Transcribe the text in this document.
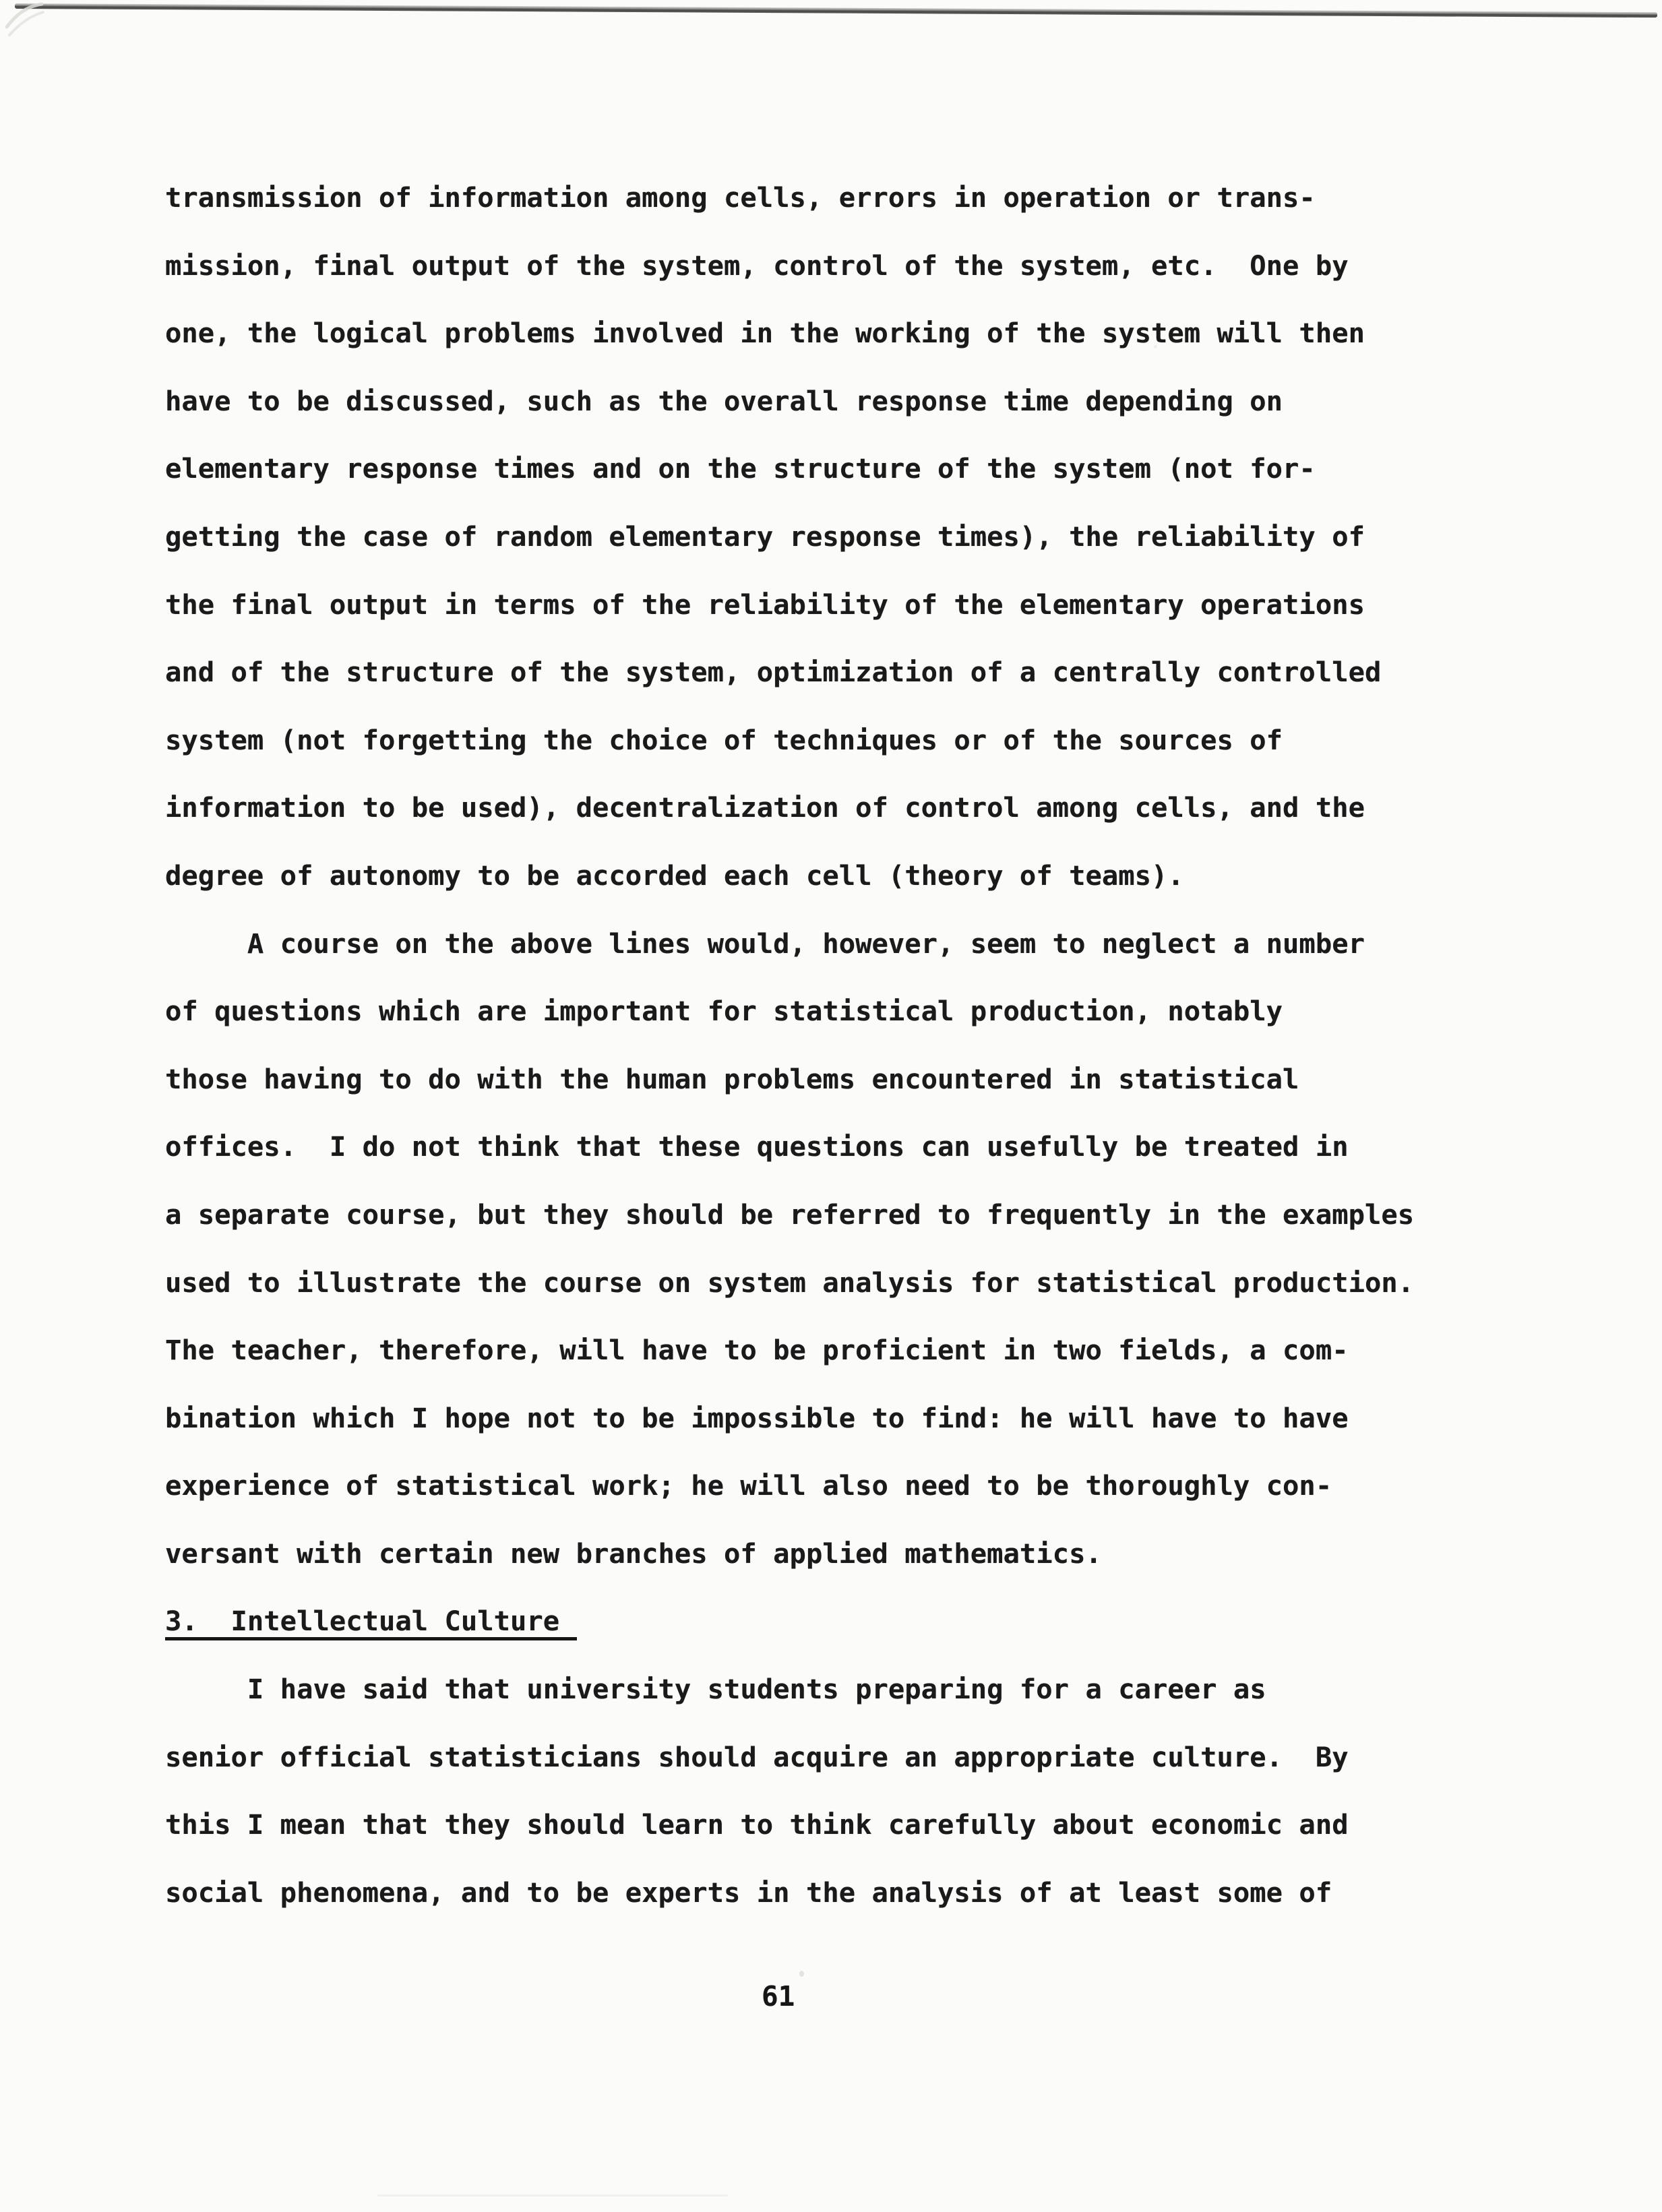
transmission of information among cells, errors in operation or trans-
mission, final output of the system, control of the system, etc.  One by
one, the logical problems involved in the working of the system will then
have to be discussed, such as the overall response time depending on
elementary response times and on the structure of the system (not for-
getting the case of random elementary response times), the reliability of
the final output in terms of the reliability of the elementary operations
and of the structure of the system, optimization of a centrally controlled
system (not forgetting the choice of techniques or of the sources of
information to be used), decentralization of control among cells, and the
degree of autonomy to be accorded each cell (theory of teams).
A course on the above lines would, however, seem to neglect a number
of questions which are important for statistical production, notably
those having to do with the human problems encountered in statistical
offices.  I do not think that these questions can usefully be treated in
a separate course, but they should be referred to frequently in the examples
used to illustrate the course on system analysis for statistical production.
The teacher, therefore, will have to be proficient in two fields, a com-
bination which I hope not to be impossible to find: he will have to have
experience of statistical work; he will also need to be thoroughly con-
versant with certain new branches of applied mathematics.
3.  Intellectual Culture
I have said that university students preparing for a career as
senior official statisticians should acquire an appropriate culture.  By
this I mean that they should learn to think carefully about economic and
social phenomena, and to be experts in the analysis of at least some of
61
